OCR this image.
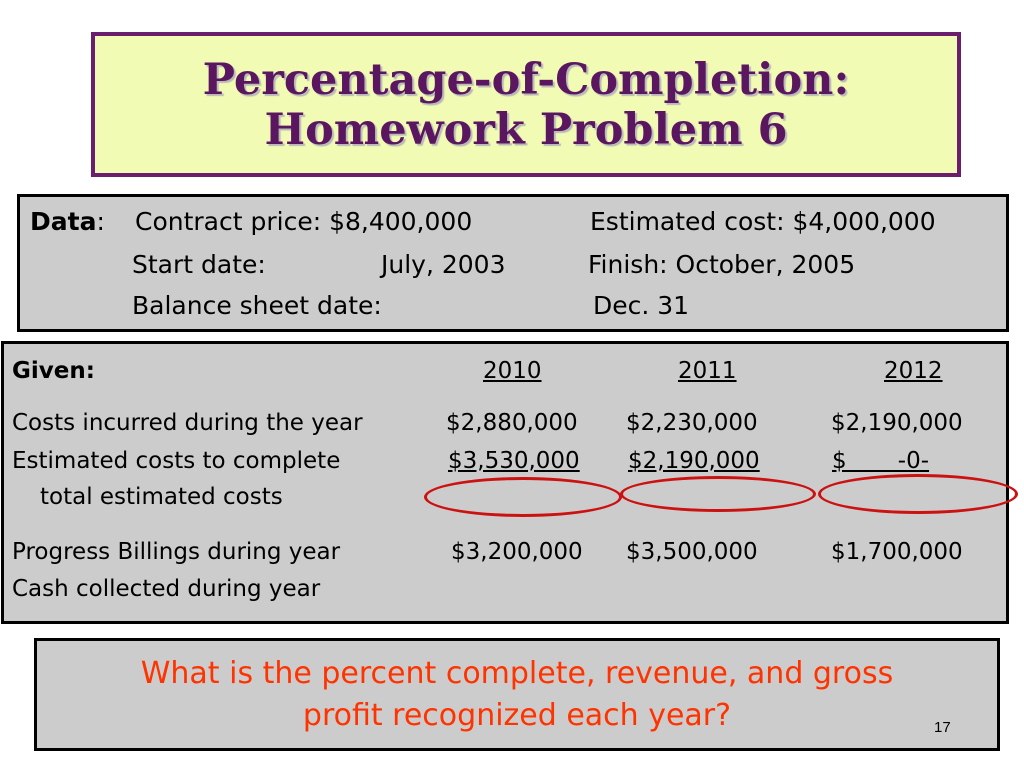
Percentage-of-Completion:
Homework Problem 6
Data: Contract price: $8,400,000	Estimated cost: $4,000,000
Start date:	July, 2003	Finish: October, 2005
Balance sheet date:	Dec. 31
Given:	2010	2011	2012
Costs incurred during the year	$2,880,000 $2,230,000	$2,190,000
Estimated costs to complete	$3,530,000	$2,190,000	$       -0-
total estimated costs
Progress Billings during year	$3,200,000 $3,500,000	$1,700,000
Cash collected during year
What is the percent complete, revenue, and gross
profit recognized each year?	17
